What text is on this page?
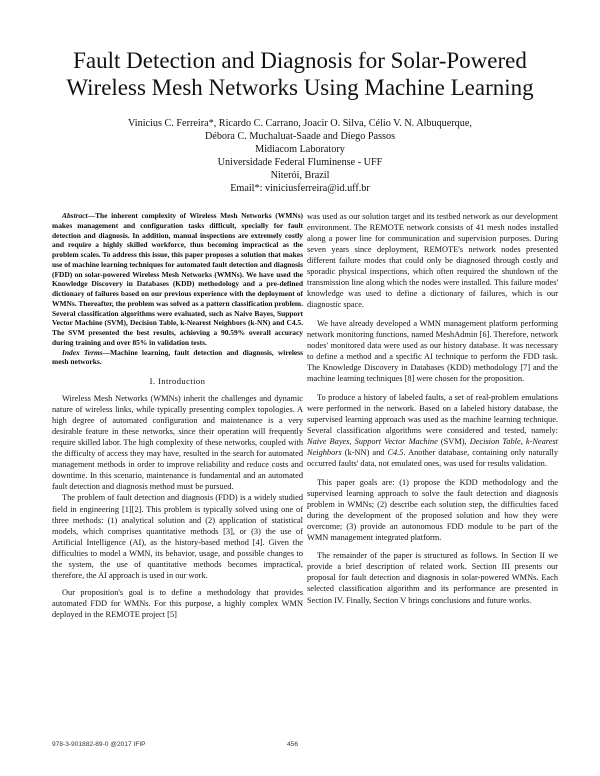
Fault Detection and Diagnosis for Solar-Powered
Wireless Mesh Networks Using Machine Learning
Vinicius C. Ferreira*, Ricardo C. Carrano, Joacir O. Silva, Célio V. N. Albuquerque,
Débora C. Muchaluat-Saade and Diego Passos
Midiacom Laboratory
Universidade Federal Fluminense - UFF
Niterói, Brazil
Email*: viniciusferreira@id.uff.br

Abstract—The inherent complexity of Wireless Mesh Networks (WMNs) makes management and configuration tasks difficult, specially for fault detection and diagnosis. In addition, manual inspections are extremely costly and require a highly skilled workforce, thus becoming impractical as the problem scales. To address this issue, this paper proposes a solution that makes use of machine learning techniques for automated fault detection and diagnosis (FDD) on solar-powered Wireless Mesh Networks (WMNs). We have used the Knowledge Discovery in Databases (KDD) methodology and a pre-defined dictionary of failures based on our previous experience with the deployment of WMNs. Thereafter, the problem was solved as a pattern classification problem. Several classification algorithms were evaluated, such as Naive Bayes, Support Vector Machine (SVM), Decision Table, k-Nearest Neighbors (k-NN) and C4.5. The SVM presented the best results, achieving a 90.59% overall accuracy during training and over 85% in validation tests.

Index Terms—Machine learning, fault detection and diagnosis, wireless mesh networks.

I. Introduction

Wireless Mesh Networks (WMNs) inherit the challenges and dynamic nature of wireless links, while typically presenting complex topologies. A high degree of automated configuration and maintenance is a very desirable feature in these networks, since their operation will frequently require skilled labor. The high complexity of these networks, coupled with the difficulty of access they may have, resulted in the search for automated management methods in order to improve reliability and reduce costs and downtime. In this scenario, maintenance is fundamental and an automated fault detection and diagnosis method must be pursued.

The problem of fault detection and diagnosis (FDD) is a widely studied field in engineering [1][2]. This problem is typically solved using one of three methods: (1) analytical solution and (2) application of statistical models, which comprises quantitative methods [3], or (3) the use of Artificial Intelligence (AI), as the history-based method [4]. Given the difficulties to model a WMN, its behavior, usage, and possible changes to the system, the use of quantitative methods becomes impractical, therefore, the AI approach is used in our work.

Our proposition's goal is to define a methodology that provides automated FDD for WMNs. For this purpose, a highly complex WMN deployed in the REMOTE project [5]

was used as our solution target and its testbed network as our development environment. The REMOTE network consists of 41 mesh nodes installed along a power line for communication and supervision purposes. During seven years since deployment, REMOTE's network nodes presented different failure modes that could only be diagnosed through costly and sporadic physical inspections, which often required the shutdown of the transmission line along which the nodes were installed. This failure modes' knowledge was used to define a dictionary of failures, which is our diagnostic space.

We have already developed a WMN management platform performing network monitoring functions, named MeshAdmin [6]. Therefore, network nodes' monitored data were used as our history database. It was necessary to define a method and a specific AI technique to perform the FDD task. The Knowledge Discovery in Databases (KDD) methodology [7] and the machine learning techniques [8] were chosen for the proposition.

To produce a history of labeled faults, a set of real-problem emulations were performed in the network. Based on a labeled history database, the supervised learning approach was used as the machine learning technique. Several classification algorithms were considered and tested, namely: Naive Bayes, Support Vector Machine (SVM), Decision Table, k-Nearest Neighbors (k-NN) and C4.5. Another database, containing only naturally occurred faults' data, not emulated ones, was used for results validation.

This paper goals are: (1) propose the KDD methodology and the supervised learning approach to solve the fault detection and diagnosis problem in WMNs; (2) describe each solution step, the difficulties faced during the development of the proposed solution and how they were overcome; (3) provide an autonomous FDD module to be part of the WMN management integrated platform.

The remainder of the paper is structured as follows. In Section II we provide a brief description of related work. Section III presents our proposal for fault detection and diagnosis in solar-powered WMNs. Each selected classification algorithm and its performance are presented in Section IV. Finally, Section V brings conclusions and future works.

978-3-901882-89-0 @2017 IFIP	456
